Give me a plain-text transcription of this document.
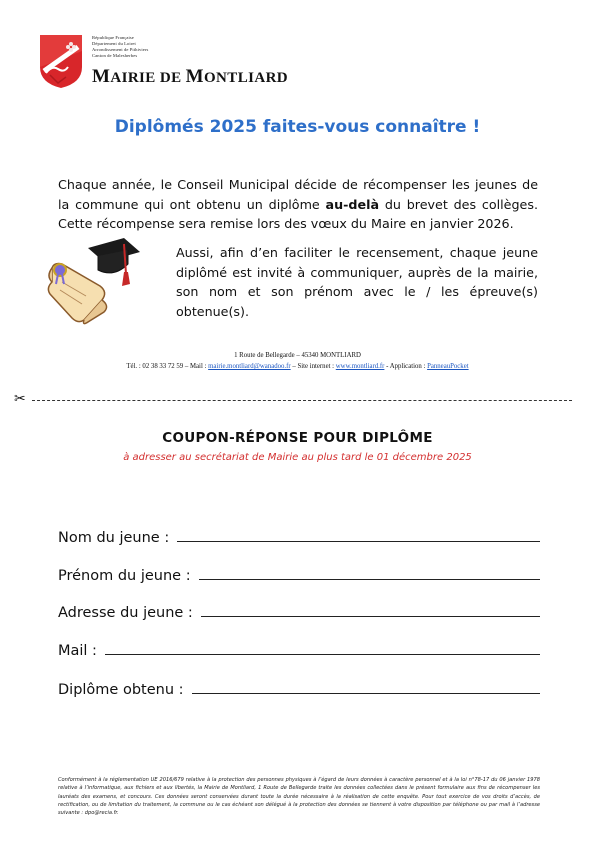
République Française
Département du Loiret
Arrondissement de Pithiviers
Canton de Malesherbes
MAIRIE DE MONTLIARD
Diplômés 2025 faites-vous connaître !
Chaque année, le Conseil Municipal décide de récompenser les jeunes de la commune qui ont obtenu un diplôme au-delà du brevet des collèges. Cette récompense sera remise lors des vœux du Maire en janvier 2026.
Aussi, afin d’en faciliter le recensement, chaque jeune diplômé est invité à communiquer, auprès de la mairie, son nom et son prénom avec le / les épreuve(s) obtenue(s).
1 Route de Bellegarde – 45340 MONTLIARD
Tél. : 02 38 33 72 59 – Mail : mairie.montliard@wanadoo.fr – Site internet : www.montliard.fr - Application : PanneauPocket
✂
COUPON-RÉPONSE POUR DIPLÔME
à adresser au secrétariat de Mairie au plus tard le 01 décembre 2025
Nom du jeune :
Prénom du jeune :
Adresse du jeune :
Mail :
Diplôme obtenu :
Conformément à la réglementation UE 2016/679 relative à la protection des personnes physiques à l’égard de leurs données à caractère personnel et à la loi n°78-17 du 06 janvier 1978 relative à l’informatique, aux fichiers et aux libertés, la Mairie de Montliard, 1 Route de Bellegarde traite les données collectées dans le présent formulaire aux fins de récompenser les lauréats des examens, et concours. Ces données seront conservées durant toute la durée nécessaire à la réalisation de cette enquête. Pour tout exercice de vos droits d’accès, de rectification, ou de limitation du traitement, la commune ou le cas échéant son délégué à la protection des données se tiennent à votre disposition par téléphone ou par mail à l’adresse suivante : dpo@recia.fr.
